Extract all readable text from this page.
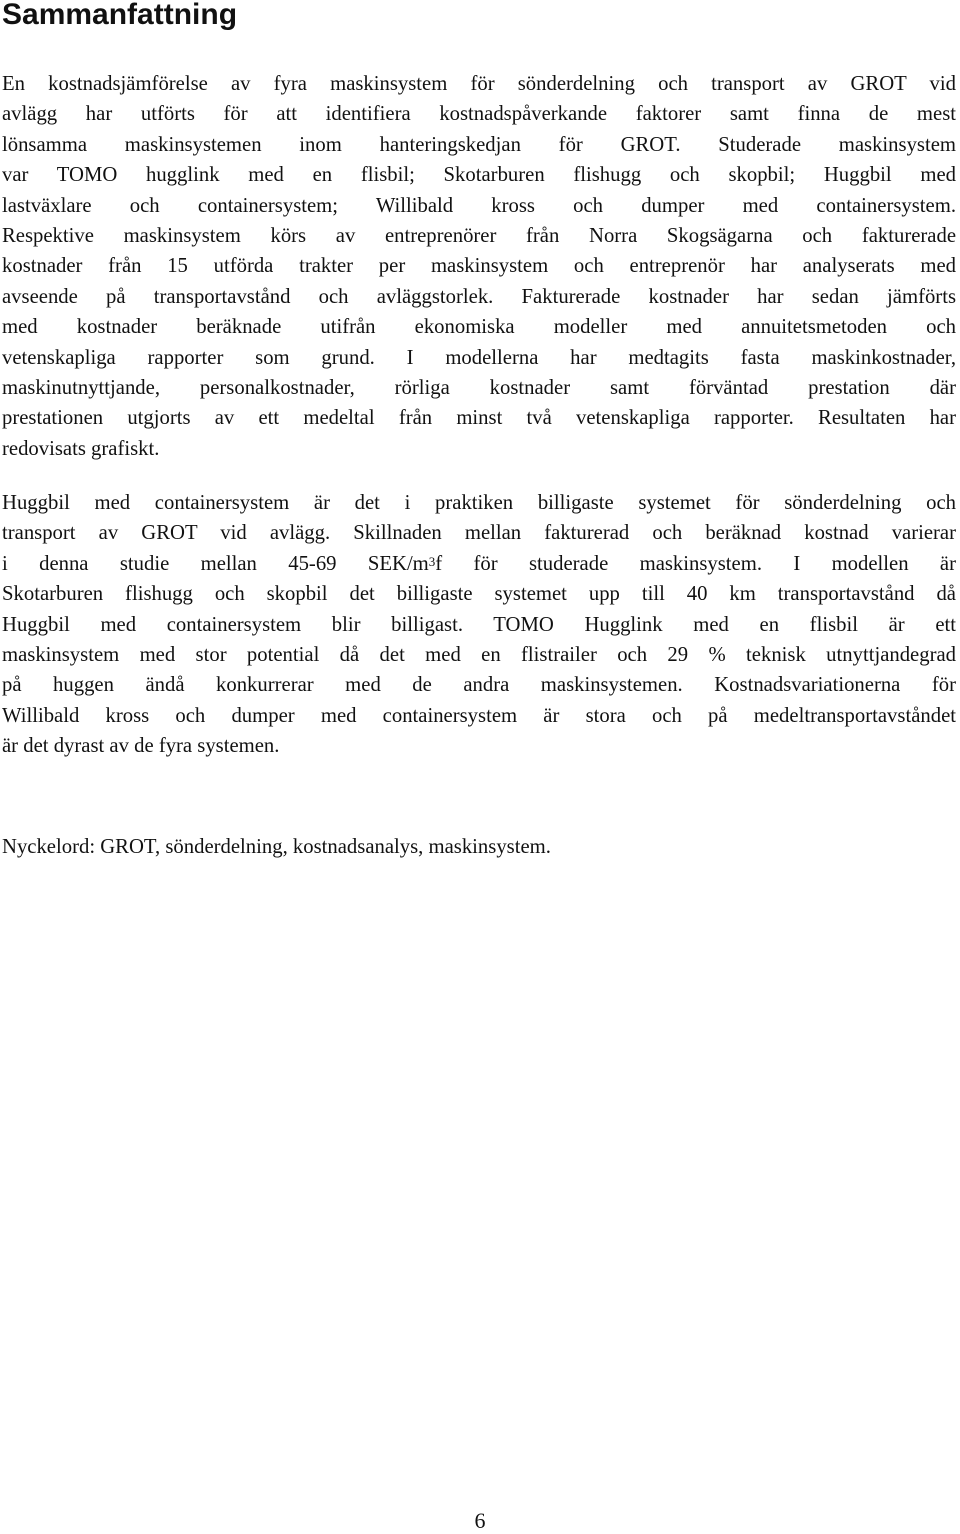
Sammanfattning

En kostnadsjämförelse av fyra maskinsystem för sönderdelning och transport av GROT vid
avlägg har utförts för att identifiera kostnadspåverkande faktorer samt finna de mest
lönsamma maskinsystemen inom hanteringskedjan för GROT. Studerade maskinsystem
var TOMO hugglink med en flisbil; Skotarburen flishugg och skopbil; Huggbil med
lastväxlare och containersystem; Willibald kross och dumper med containersystem.
Respektive maskinsystem körs av entreprenörer från Norra Skogsägarna och fakturerade
kostnader från 15 utförda trakter per maskinsystem och entreprenör har analyserats med
avseende på transportavstånd och avläggstorlek. Fakturerade kostnader har sedan jämförts
med kostnader beräknade utifrån ekonomiska modeller med annuitetsmetoden och
vetenskapliga rapporter som grund. I modellerna har medtagits fasta maskinkostnader,
maskinutnyttjande, personalkostnader, rörliga kostnader samt förväntad prestation där
prestationen utgjorts av ett medeltal från minst två vetenskapliga rapporter. Resultaten har
redovisats grafiskt.

Huggbil med containersystem är det i praktiken billigaste systemet för sönderdelning och
transport av GROT vid avlägg. Skillnaden mellan fakturerad och beräknad kostnad varierar
i denna studie mellan 45-69 SEK/$m^3f$ för studerade maskinsystem. I modellen är
Skotarburen flishugg och skopbil det billigaste systemet upp till 40 km transportavstånd då
Huggbil med containersystem blir billigast. TOMO Hugglink med en flisbil är ett
maskinsystem med stor potential då det med en flistrailer och 29 % teknisk utnyttjandegrad
på huggen ändå konkurrerar med de andra maskinsystemen. Kostnadsvariationerna för
Willibald kross och dumper med containersystem är stora och på medeltransportavståndet
är det dyrast av de fyra systemen.

Nyckelord: GROT, sönderdelning, kostnadsanalys, maskinsystem.

6
